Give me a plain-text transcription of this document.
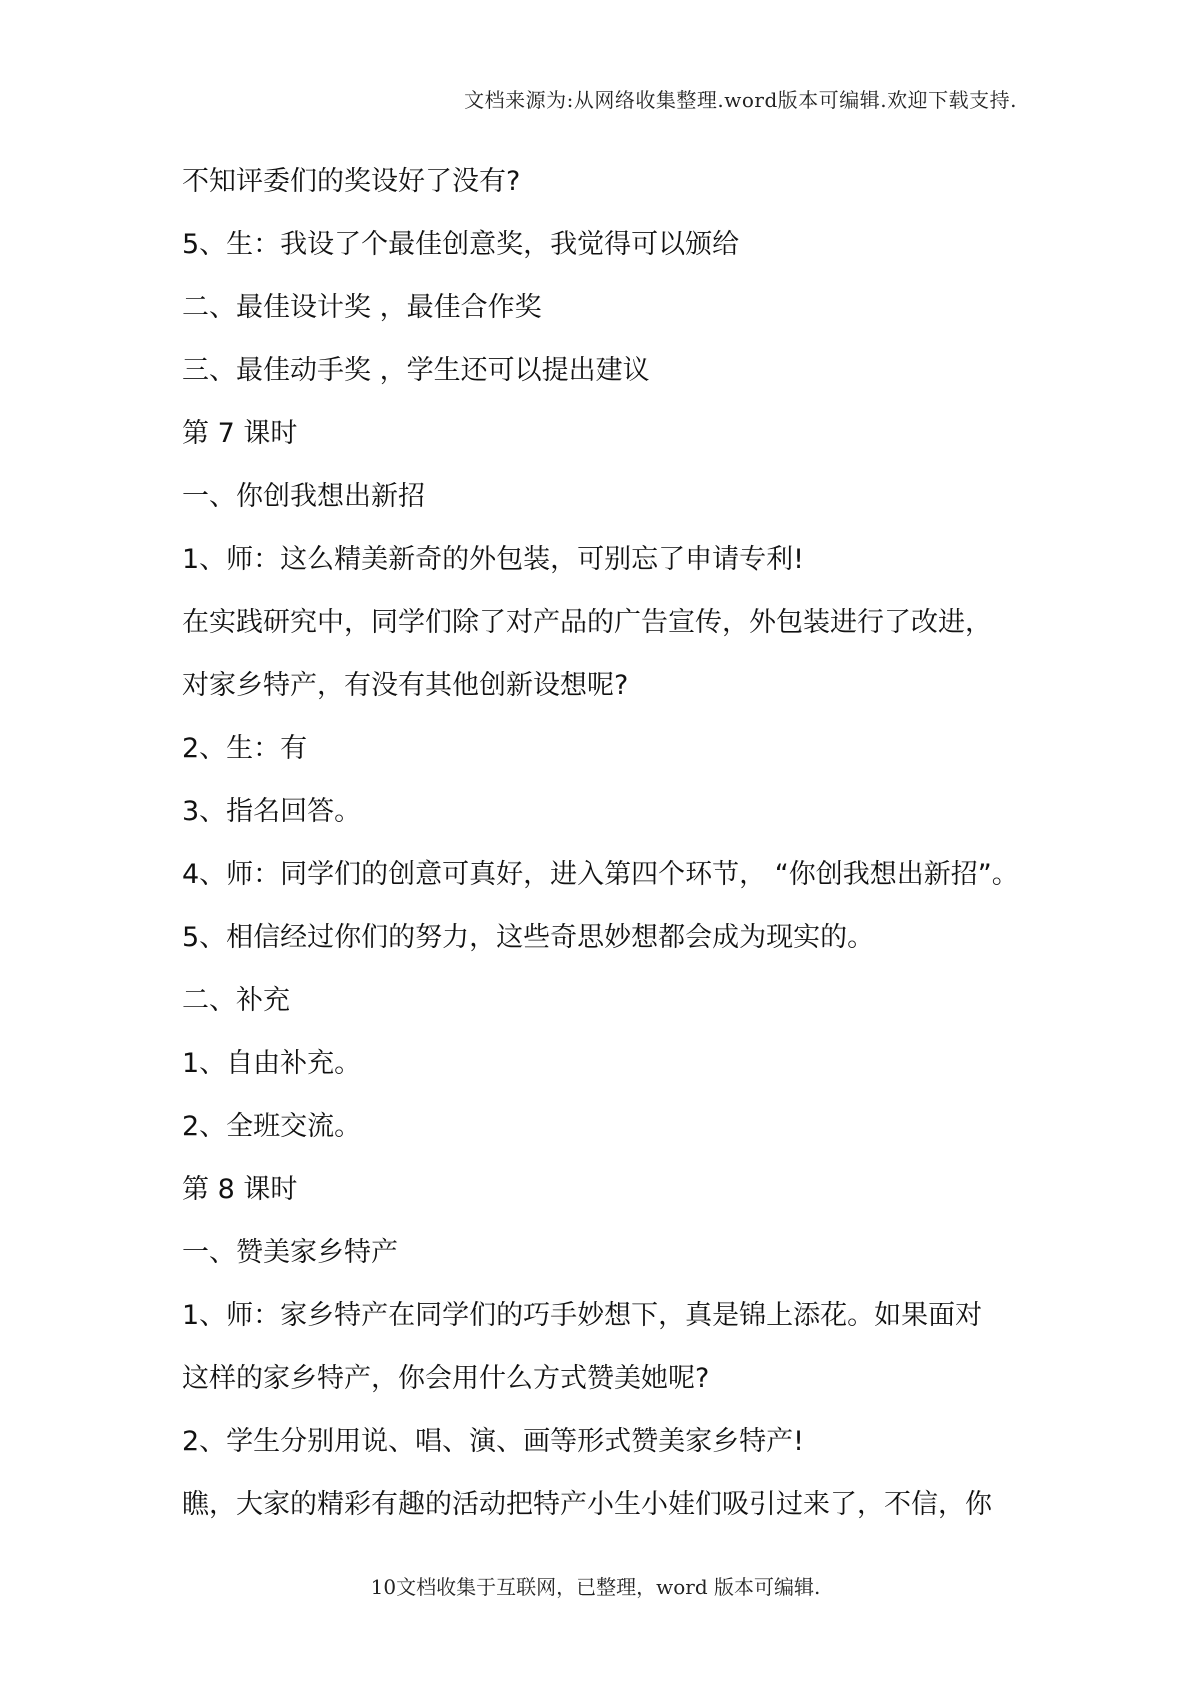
文档来源为:从网络收集整理.word版本可编辑.欢迎下载支持.
不知评委们的奖设好了没有?
5、生：我设了个最佳创意奖，我觉得可以颁给
二、最佳设计奖 ，最佳合作奖
三、最佳动手奖 ，学生还可以提出建议
第 7 课时
一、你创我想出新招
1、师：这么精美新奇的外包装，可别忘了申请专利!
在实践研究中，同学们除了对产品的广告宣传，外包装进行了改进，
对家乡特产，有没有其他创新设想呢?
2、生：有
3、指名回答。
4、师：同学们的创意可真好，进入第四个环节， “你创我想出新招”。
5、相信经过你们的努力，这些奇思妙想都会成为现实的。
二、补充
1、自由补充。
2、全班交流。
第 8 课时
一、赞美家乡特产
1、师：家乡特产在同学们的巧手妙想下，真是锦上添花。如果面对
这样的家乡特产，你会用什么方式赞美她呢?
2、学生分别用说、唱、演、画等形式赞美家乡特产!
瞧，大家的精彩有趣的活动把特产小生小娃们吸引过来了，不信，你
10文档收集于互联网，已整理，word 版本可编辑.
